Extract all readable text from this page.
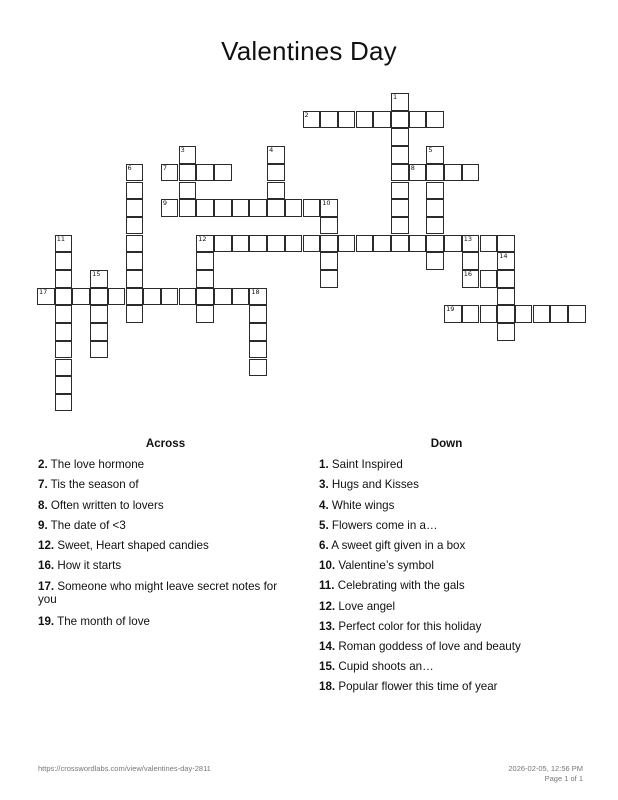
Valentines Day
1
2
3	4	5
6	7	8
9	10
11	12	13
16
14
15
17	18
19
Across
2. The love hormone
7. Tis the season of
8. Often written to lovers
9. The date of <3
12. Sweet, Heart shaped candies
16. How it starts
17. Someone who might leave secret notes for you
19. The month of love
Down
1. Saint Inspired
3. Hugs and Kisses
4. White wings
5. Flowers come in a…
6. A sweet gift given in a box
10. Valentine’s symbol
11. Celebrating with the gals
12. Love angel
13. Perfect color for this holiday
14. Roman goddess of love and beauty
15. Cupid shoots an…
18. Popular flower this time of year
https://crosswordlabs.com/view/valentines-day-2811	2026-02-05, 12:56 PM
Page 1 of 1
